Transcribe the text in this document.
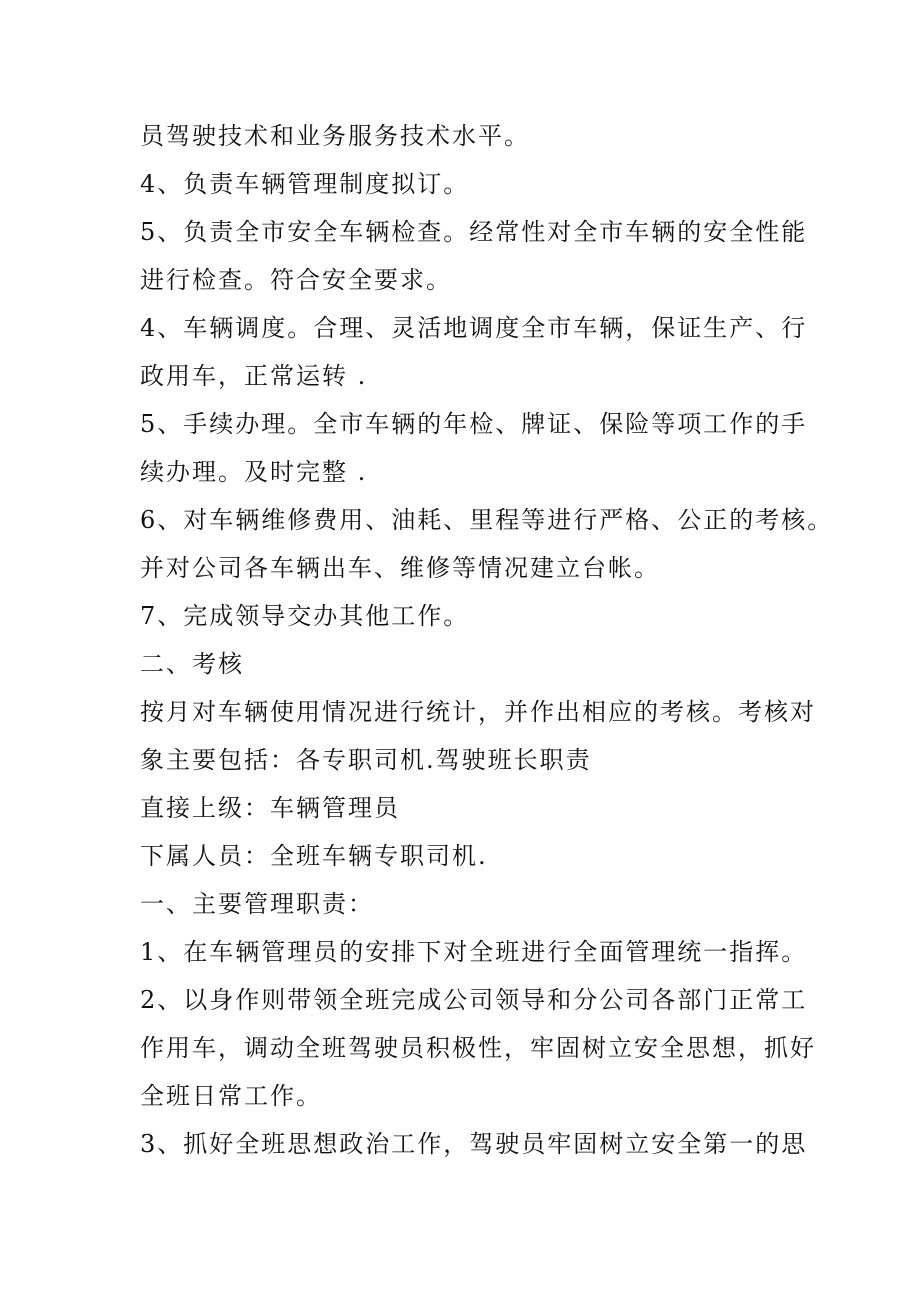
员驾驶技术和业务服务技术水平。
4、负责车辆管理制度拟订。
5、负责全市安全车辆检查。经常性对全市车辆的安全性能
进行检查。符合安全要求。
4、车辆调度。合理、灵活地调度全市车辆，保证生产、行
政用车，正常运转 .
5、手续办理。全市车辆的年检、牌证、保险等项工作的手
续办理。及时完整 .
6、对车辆维修费用、油耗、里程等进行严格、公正的考核。
并对公司各车辆出车、维修等情况建立台帐。
7、完成领导交办其他工作。
二、考核
按月对车辆使用情况进行统计，并作出相应的考核。考核对
象主要包括：各专职司机.驾驶班长职责
直接上级：车辆管理员
下属人员：全班车辆专职司机.
一、主要管理职责：
1、在车辆管理员的安排下对全班进行全面管理统一指挥。
2、以身作则带领全班完成公司领导和分公司各部门正常工
作用车，调动全班驾驶员积极性，牢固树立安全思想，抓好
全班日常工作。
3、抓好全班思想政治工作，驾驶员牢固树立安全第一的思
